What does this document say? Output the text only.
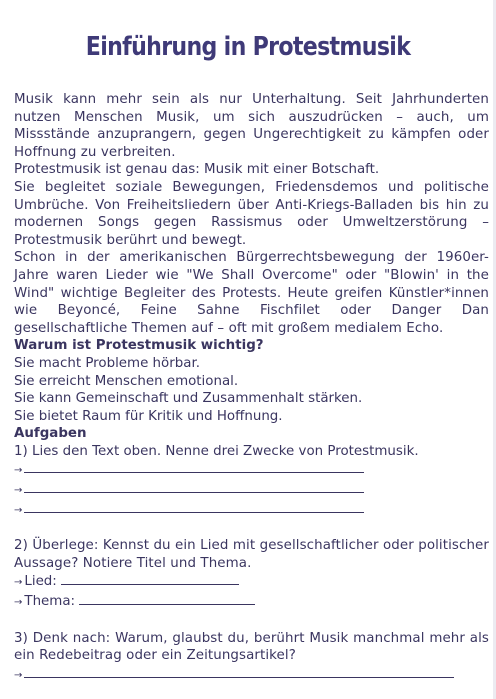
Einführung in Protestmusik

Musik kann mehr sein als nur Unterhaltung. Seit Jahrhunderten nutzen Menschen Musik, um sich auszudrücken – auch, um Missstände anzuprangern, gegen Ungerechtigkeit zu kämpfen oder Hoffnung zu verbreiten.

Protestmusik ist genau das: Musik mit einer Botschaft.

Sie begleitet soziale Bewegungen, Friedensdemos und politische Umbrüche. Von Freiheitsliedern über Anti-Kriegs-Balladen bis hin zu modernen Songs gegen Rassismus oder Umweltzerstörung – Protestmusik berührt und bewegt.

Schon in der amerikanischen Bürgerrechtsbewegung der 1960er-Jahre waren Lieder wie "We Shall Overcome" oder "Blowin' in the Wind" wichtige Begleiter des Protests. Heute greifen Künstler*innen wie Beyoncé, Feine Sahne Fischfilet oder Danger Dan gesellschaftliche Themen auf – oft mit großem medialem Echo.

Warum ist Protestmusik wichtig?

Sie macht Probleme hörbar.

Sie erreicht Menschen emotional.

Sie kann Gemeinschaft und Zusammenhalt stärken.

Sie bietet Raum für Kritik und Hoffnung.

Aufgaben

1) Lies den Text oben. Nenne drei Zwecke von Protestmusik.

→

→

→

2) Überlege: Kennst du ein Lied mit gesellschaftlicher oder politischer Aussage? Notiere Titel und Thema.

→ Lied:

→ Thema:

3) Denk nach: Warum, glaubst du, berührt Musik manchmal mehr als ein Redebeitrag oder ein Zeitungsartikel?

→
